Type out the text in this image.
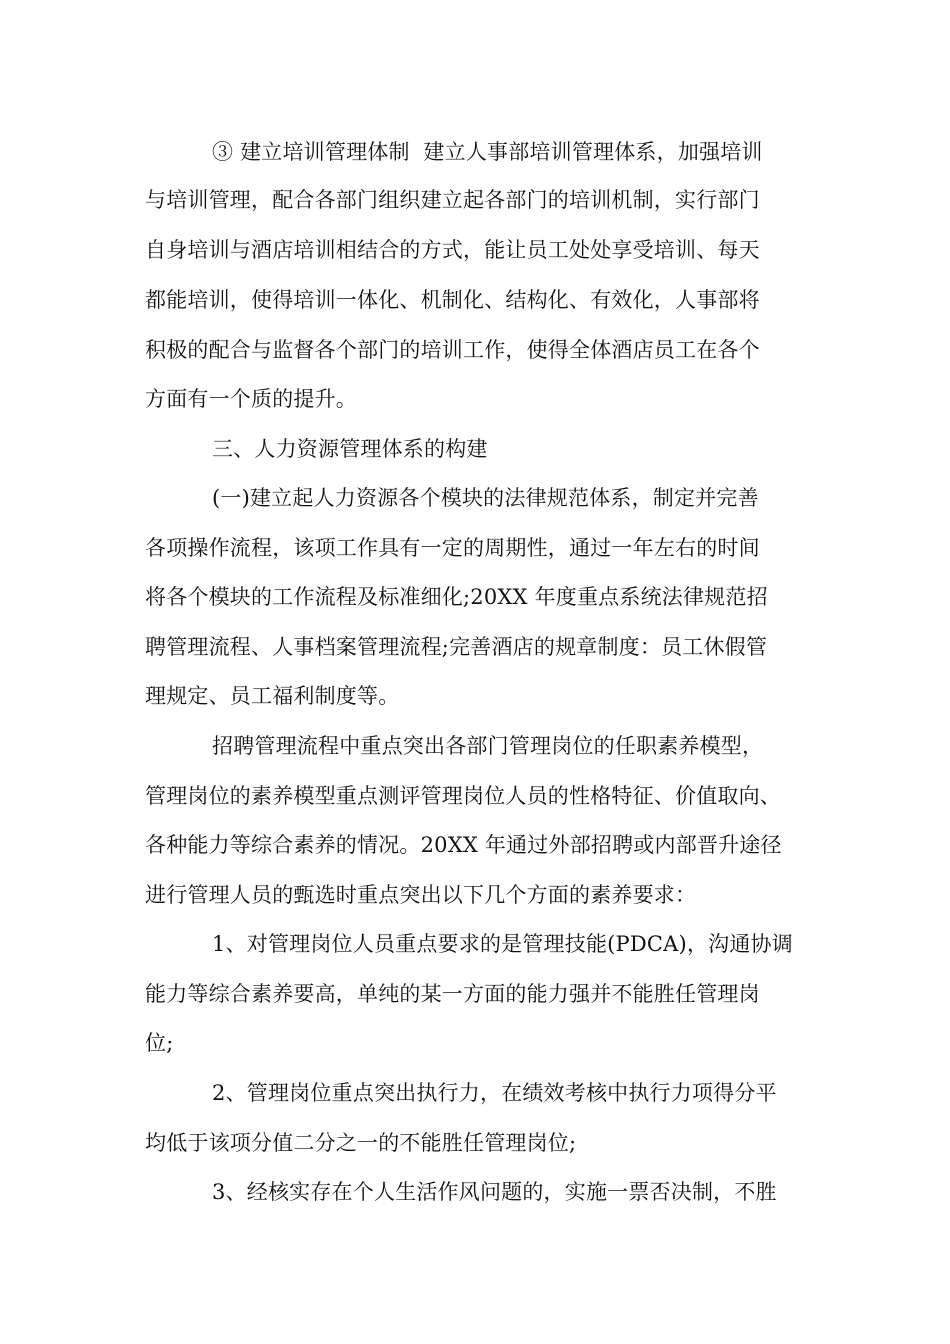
③ 建立培训管理体制  建立人事部培训管理体系，加强培训
与培训管理，配合各部门组织建立起各部门的培训机制，实行部门
自身培训与酒店培训相结合的方式，能让员工处处享受培训、每天
都能培训，使得培训一体化、机制化、结构化、有效化，人事部将
积极的配合与监督各个部门的培训工作，使得全体酒店员工在各个
方面有一个质的提升。
三、人力资源管理体系的构建
(一)建立起人力资源各个模块的法律规范体系，制定并完善
各项操作流程，该项工作具有一定的周期性，通过一年左右的时间
将各个模块的工作流程及标准细化;20XX 年度重点系统法律规范招
聘管理流程、人事档案管理流程;完善酒店的规章制度：员工休假管
理规定、员工福利制度等。
招聘管理流程中重点突出各部门管理岗位的任职素养模型，
管理岗位的素养模型重点测评管理岗位人员的性格特征、价值取向、
各种能力等综合素养的情况。20XX 年通过外部招聘或内部晋升途径
进行管理人员的甄选时重点突出以下几个方面的素养要求：
1、对管理岗位人员重点要求的是管理技能(PDCA)，沟通协调
能力等综合素养要高，单纯的某一方面的能力强并不能胜任管理岗
位;
2、管理岗位重点突出执行力，在绩效考核中执行力项得分平
均低于该项分值二分之一的不能胜任管理岗位;
3、经核实存在个人生活作风问题的，实施一票否决制，不胜
